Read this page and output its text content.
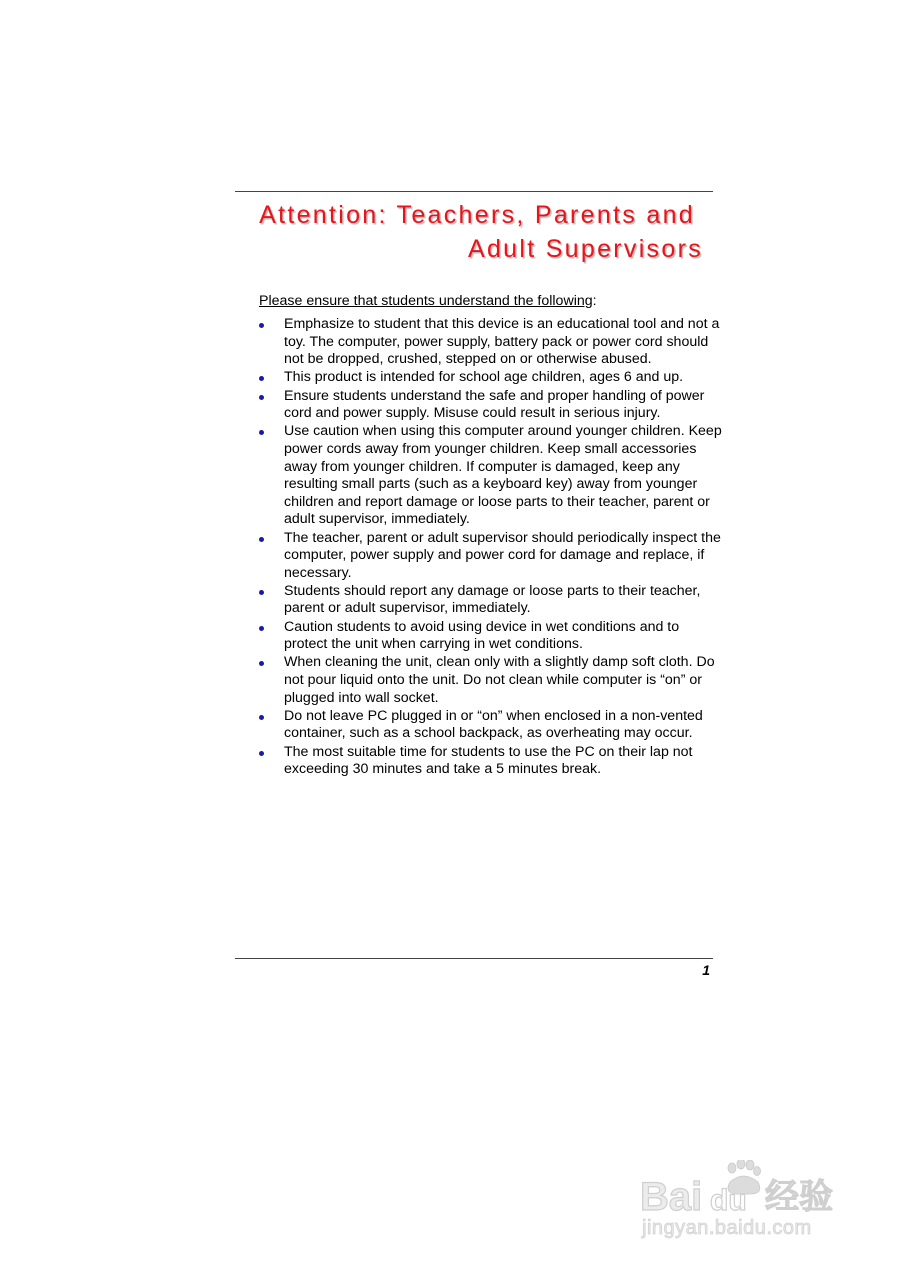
Attention: Teachers, Parents and
Adult Supervisors

Please ensure that students understand the following:

Emphasize to student that this device is an educational tool and not a toy. The computer, power supply, battery pack or power cord should not be dropped, crushed, stepped on or otherwise abused.
This product is intended for school age children, ages 6 and up.
Ensure students understand the safe and proper handling of power cord and power supply. Misuse could result in serious injury.
Use caution when using this computer around younger children. Keep power cords away from younger children. Keep small accessories away from younger children. If computer is damaged, keep any resulting small parts (such as a keyboard key) away from younger children and report damage or loose parts to their teacher, parent or adult supervisor, immediately.
The teacher, parent or adult supervisor should periodically inspect the computer, power supply and power cord for damage and replace, if necessary.
Students should report any damage or loose parts to their teacher, parent or adult supervisor, immediately.
Caution students to avoid using device in wet conditions and to protect the unit when carrying in wet conditions.
When cleaning the unit, clean only with a slightly damp soft cloth. Do not pour liquid onto the unit. Do not clean while computer is “on” or plugged into wall socket.
Do not leave PC plugged in or “on” when enclosed in a non-vented container, such as a school backpack, as overheating may occur.
The most suitable time for students to use the PC on their lap not exceeding 30 minutes and take a 5 minutes break.
1
Bai du 经验
jingyan.baidu.com
